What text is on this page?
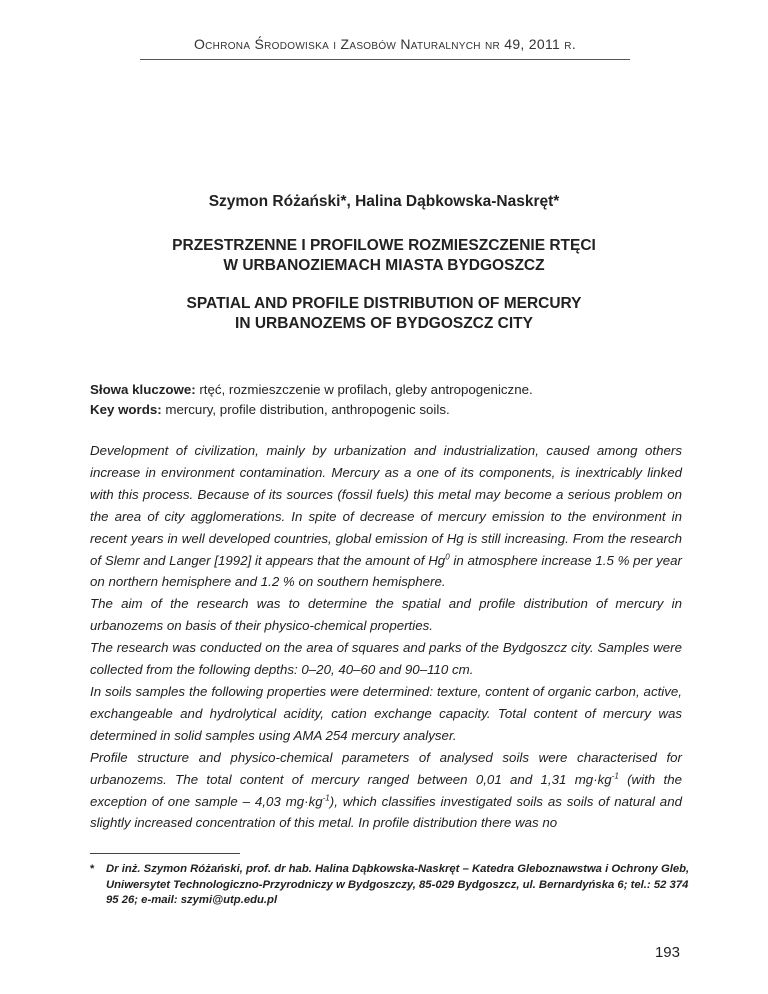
Ochrona Środowiska i Zasobów Naturalnych nr 49, 2011 r.
Szymon Różański*, Halina Dąbkowska-Naskręt*
PRZESTRZENNE I PROFILOWE ROZMIESZCZENIE RTĘCI
W URBANOZIEMACH MIASTA BYDGOSZCZ
SPATIAL AND PROFILE DISTRIBUTION OF MERCURY
IN URBANOZEMS OF BYDGOSZCZ CITY
Słowa kluczowe: rtęć, rozmieszczenie w profilach, gleby antropogeniczne.
Key words: mercury, profile distribution, anthropogenic soils.

Development of civilization, mainly by urbanization and industrialization, caused among others increase in environment contamination. Mercury as a one of its components, is inextricably linked with this process. Because of its sources (fossil fuels) this metal may become a serious problem on the area of city agglomerations. In spite of decrease of mercury emission to the environment in recent years in well developed countries, global emission of Hg is still increasing. From the research of Slemr and Langer [1992] it appears that the amount of Hg$^0$ in atmosphere increase 1.5 % per year on northern hemisphere and 1.2 % on southern hemisphere.

The aim of the research was to determine the spatial and profile distribution of mercury in urbanozems on basis of their physico-chemical properties.

The research was conducted on the area of squares and parks of the Bydgoszcz city. Samples were collected from the following depths: 0–20, 40–60 and 90–110 cm.

In soils samples the following properties were determined: texture, content of organic carbon, active, exchangeable and hydrolytical acidity, cation exchange capacity. Total content of mercury was determined in solid samples using AMA 254 mercury analyser.

Profile structure and physico-chemical parameters of analysed soils were characterised for urbanozems. The total content of mercury ranged between 0,01 and 1,31 $mg\cdot kg^{-1}$ (with the exception of one sample – 4,03 $mg\cdot kg^{-1}$), which classifies investigated soils as soils of natural and slightly increased concentration of this metal. In profile distribution there was no

* Dr inż. Szymon Różański, prof. dr hab. Halina Dąbkowska-Naskręt – Katedra Gleboznawstwa i Ochrony Gleb, Uniwersytet Technologiczno-Przyrodniczy w Bydgoszczy, 85-029 Bydgoszcz, ul. Bernardyńska 6; tel.: 52 374 95 26; e-mail: szymi@utp.edu.pl
193
